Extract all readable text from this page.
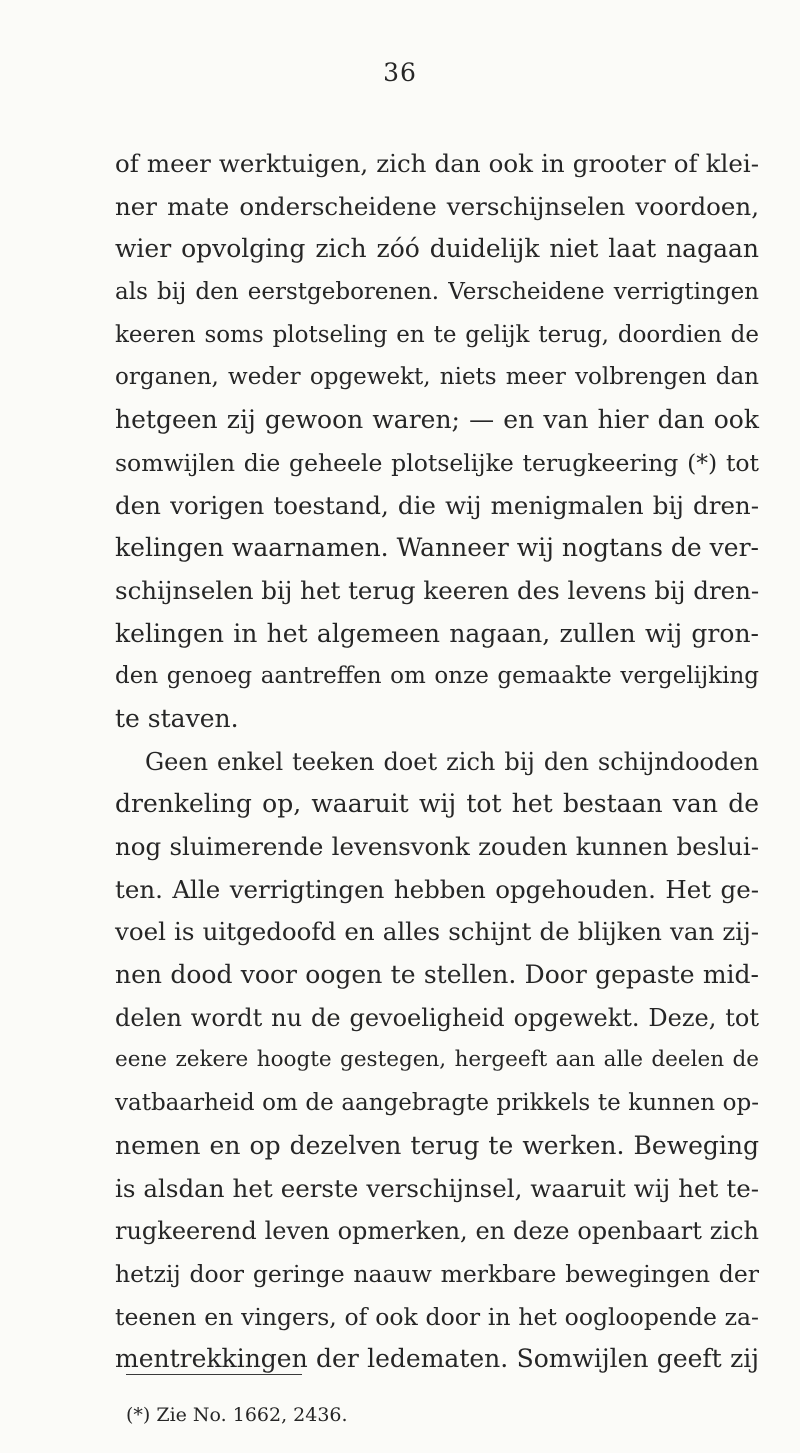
36
of meer werktuigen, zich dan ook in grooter of klei-
ner mate onderscheidene verschijnselen voordoen,
wier opvolging zich zóó duidelijk niet laat nagaan
als bij den eerstgeborenen. Verscheidene verrigtingen
keeren soms plotseling en te gelijk terug, doordien de
organen, weder opgewekt, niets meer volbrengen dan
hetgeen zij gewoon waren; — en van hier dan ook
somwijlen die geheele plotselijke terugkeering (*) tot
den vorigen toestand, die wij menigmalen bij dren-
kelingen waarnamen. Wanneer wij nogtans de ver-
schijnselen bij het terug keeren des levens bij dren-
kelingen in het algemeen nagaan, zullen wij gron-
den genoeg aantreffen om onze gemaakte vergelijking
te staven.
Geen enkel teeken doet zich bij den schijndooden
drenkeling op, waaruit wij tot het bestaan van de
nog sluimerende levensvonk zouden kunnen beslui-
ten. Alle verrigtingen hebben opgehouden. Het ge-
voel is uitgedoofd en alles schijnt de blijken van zij-
nen dood voor oogen te stellen. Door gepaste mid-
delen wordt nu de gevoeligheid opgewekt. Deze, tot
eene zekere hoogte gestegen, hergeeft aan alle deelen de
vatbaarheid om de aangebragte prikkels te kunnen op-
nemen en op dezelven terug te werken. Beweging
is alsdan het eerste verschijnsel, waaruit wij het te-
rugkeerend leven opmerken, en deze openbaart zich
hetzij door geringe naauw merkbare bewegingen der
teenen en vingers, of ook door in het oogloopende za-
mentrekkingen der ledematen. Somwijlen geeft zij
(*) Zie No. 1662, 2436.
